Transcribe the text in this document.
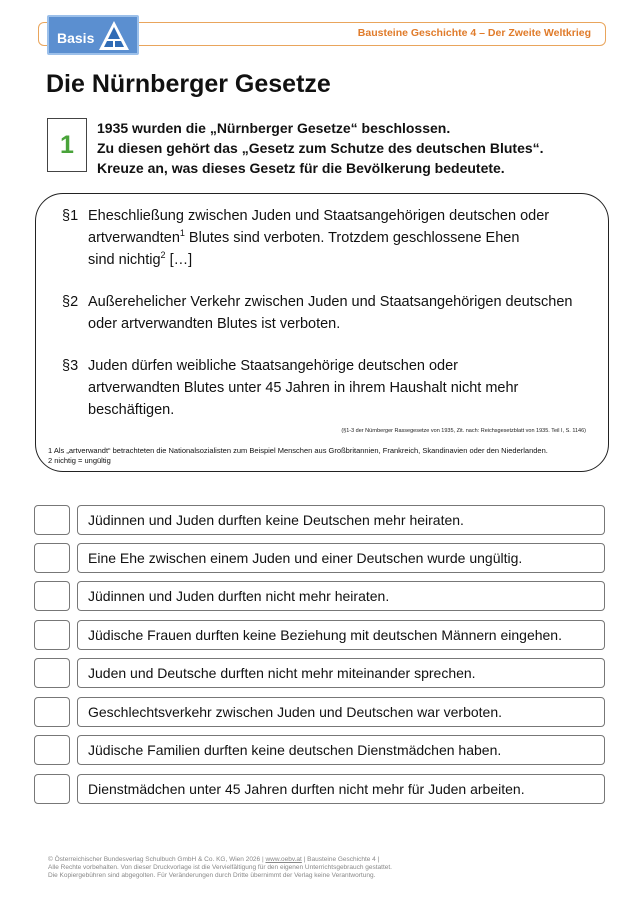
Bausteine Geschichte 4 – Der Zweite Weltkrieg
Basis
Die Nürnberger Gesetze
1
1935 wurden die „Nürnberger Gesetze“ beschlossen.
Zu diesen gehört das „Gesetz zum Schutze des deutschen Blutes“.
Kreuze an, was dieses Gesetz für die Bevölkerung bedeutete.
(§1-3 der Nürnberger Rassegesetze von 1935, Zit. nach: Reichsgesetzblatt von 1935. Teil I, S. 1146)
1 Als „artverwandt“ betrachteten die Nationalsozialisten zum Beispiel Menschen aus Großbritannien, Frankreich, Skandinavien oder den Niederlanden.
2 nichtig = ungültig
§1 Eheschließung zwischen Juden und Staatsangehörigen deutschen oder
artverwandten$^1$ Blutes sind verboten. Trotzdem geschlossene Ehen
sind nichtig$^2$ […]
§2 Außerehelicher Verkehr zwischen Juden und Staatsangehörigen deutschen
oder artverwandten Blutes ist verboten.
§3 Juden dürfen weibliche Staatsangehörige deutschen oder
artverwandten Blutes unter 45 Jahren in ihrem Haushalt nicht mehr
beschäftigen.
Jüdinnen und Juden durften keine Deutschen mehr heiraten.
Eine Ehe zwischen einem Juden und einer Deutschen wurde ungültig.
Jüdinnen und Juden durften nicht mehr heiraten.
Jüdische Frauen durften keine Beziehung mit deutschen Männern eingehen.
Juden und Deutsche durften nicht mehr miteinander sprechen.
Geschlechtsverkehr zwischen Juden und Deutschen war verboten.
Jüdische Familien durften keine deutschen Dienstmädchen haben.
Dienstmädchen unter 45 Jahren durften nicht mehr für Juden arbeiten.
© Österreichischer Bundesverlag Schulbuch GmbH & Co. KG, Wien 2026 | www.oebv.at | Bausteine Geschichte 4 |
Alle Rechte vorbehalten. Von dieser Druckvorlage ist die Vervielfältigung für den eigenen Unterrichtsgebrauch gestattet.
Die Kopiergebühren sind abgegolten. Für Veränderungen durch Dritte übernimmt der Verlag keine Verantwortung.
